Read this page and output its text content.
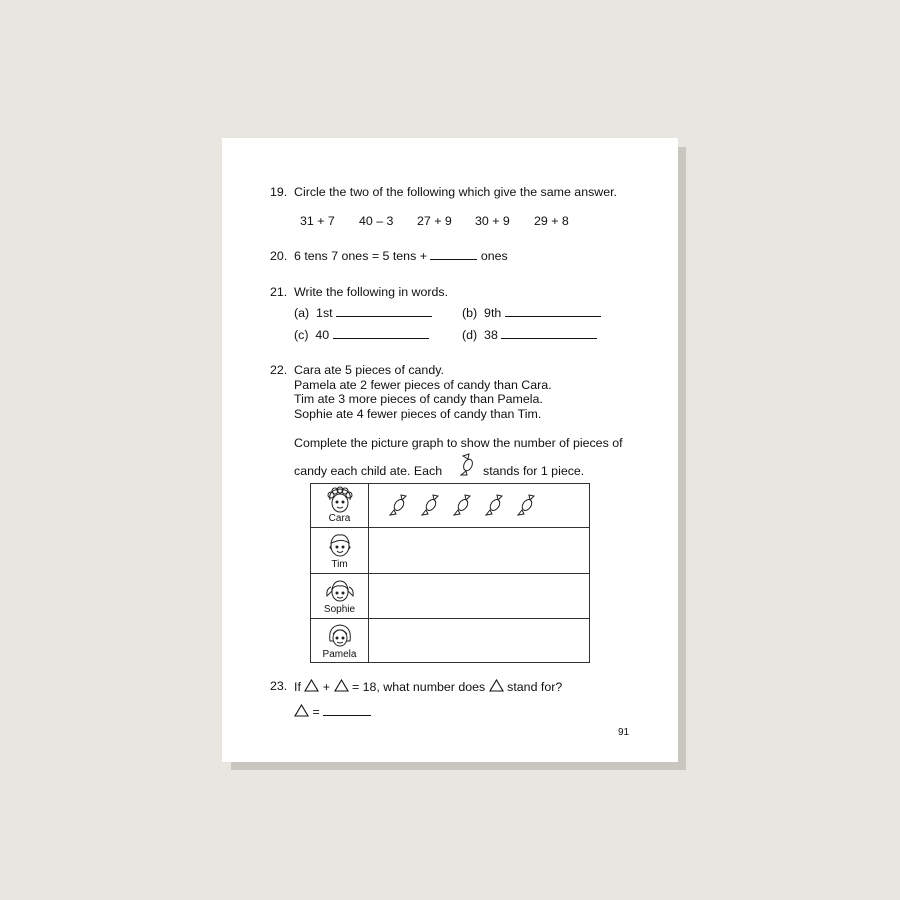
19. Circle the two of the following which give the same answer.
31 + 7 40 – 3 27 + 9 30 + 9 29 + 8
20. 6 tens 7 ones = 5 tens +	ones
21. Write the following in words.
(a) 1st	(b) 9th
(c) 40	(d) 38
22. Cara ate 5 pieces of candy.
Pamela ate 2 fewer pieces of candy than Cara.
Tim ate 3 more pieces of candy than Pamela.
Sophie ate 4 fewer pieces of candy than Tim.
Complete the picture graph to show the number of pieces of
candy each child ate. Each	stands for 1 piece.
Cara
Tim
Sophie
Pamela
23. If + = 18, what number does stand for?
=
91
